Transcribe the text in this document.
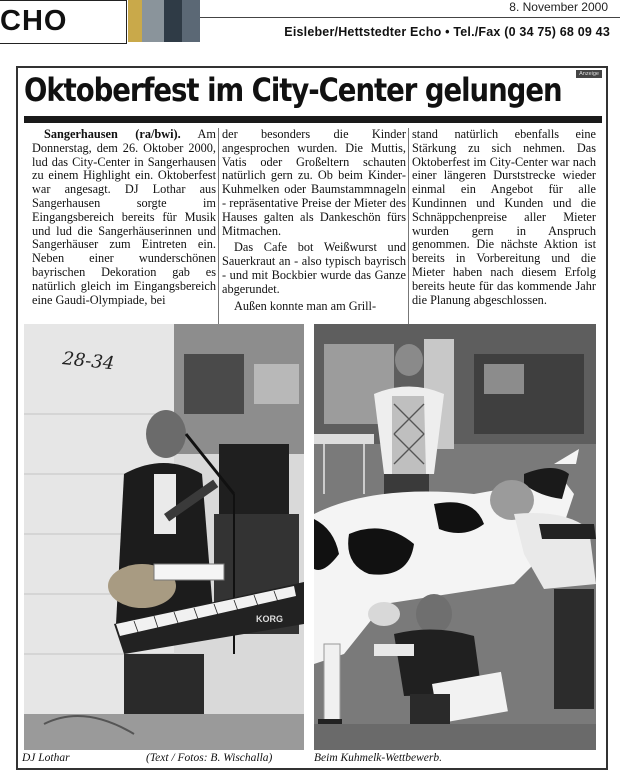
CHO	8. November 2000
Eisleber/Hettstedter Echo • Tel./Fax (0 34 75) 68 09 43
Anzeige
Oktoberfest im City-Center gelungen

Sangerhausen (ra/bwi). Am Donnerstag, dem 26. Oktober 2000, lud das City-Center in Sangerhausen zu einem Highlight ein. Oktoberfest war angesagt. DJ Lothar aus Sangerhausen sorgte im Eingangsbereich bereits für Musik und lud die Sangerhäuserinnen und Sangerhäuser zum Eintreten ein. Neben einer wunderschönen bayrischen Dekoration gab es natürlich gleich im Eingangsbereich eine Gaudi-Olympiade, bei

der besonders die Kinder angesprochen wurden. Die Muttis, Vatis oder Großeltern schauten natürlich gern zu. Ob beim Kinder-Kuhmelken oder Baumstammnageln - repräsentative Preise der Mieter des Hauses galten als Dankeschön fürs Mitmachen.

Das Cafe bot Weißwurst und Sauerkraut an - also typisch bayrisch - und mit Bockbier wurde das Ganze abgerundet.

Außen konnte man am Grill-

stand natürlich ebenfalls eine Stärkung zu sich nehmen. Das Oktoberfest im City-Center war nach einer längeren Durststrecke wieder einmal ein Angebot für alle Kundinnen und Kunden und die Schnäppchenpreise aller Mieter wurden gern in Anspruch genommen. Die nächste Aktion ist bereits in Vorbereitung und die Mieter haben nach diesem Erfolg bereits heute für das kommende Jahr die Planung abgeschlossen.

28-34
KORG
DJ Lothar	(Text / Fotos: B. Wischalla)	Beim Kuhmelk-Wettbewerb.
